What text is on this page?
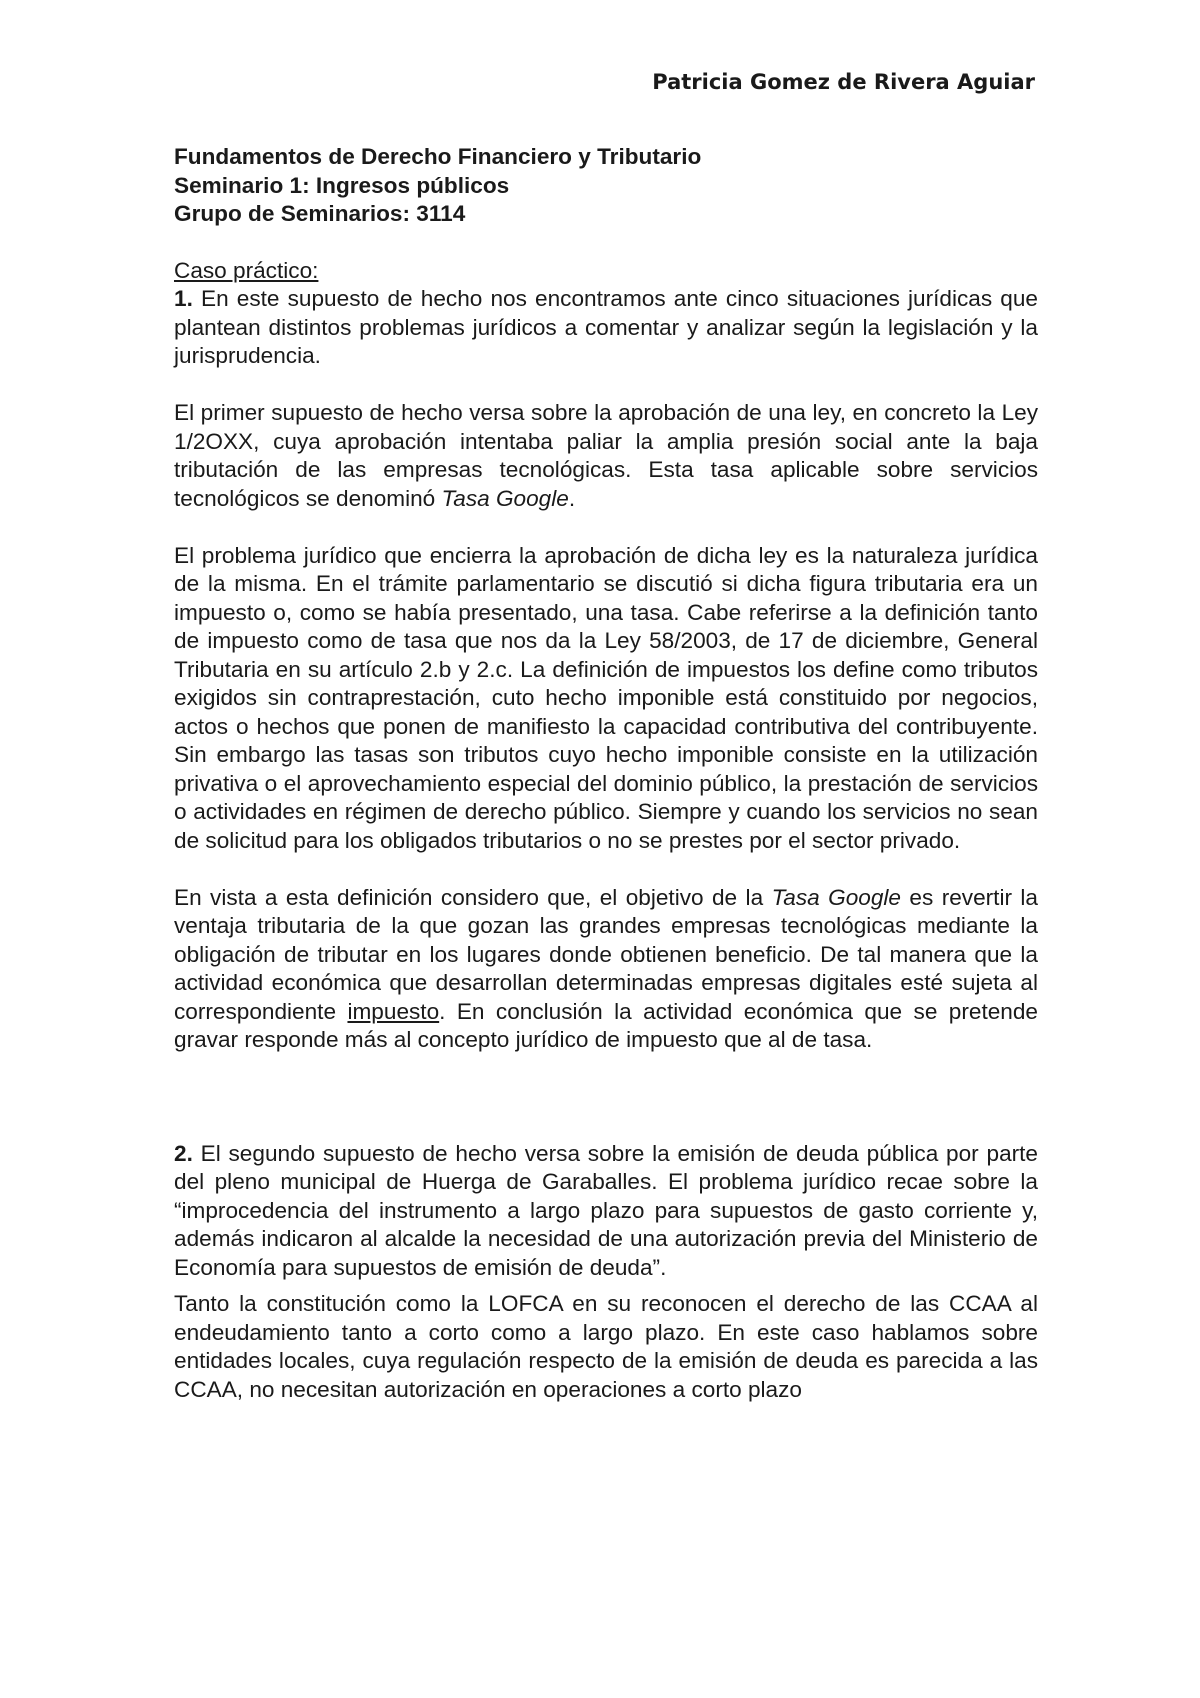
Patricia Gomez de Rivera Aguiar

Fundamentos de Derecho Financiero y Tributario

Seminario 1: Ingresos públicos

Grupo de Seminarios: 3114

Caso práctico:

1. En este supuesto de hecho nos encontramos ante cinco situaciones jurídicas que plantean distintos problemas jurídicos a comentar y analizar según la legislación y la jurisprudencia.

El primer supuesto de hecho versa sobre la aprobación de una ley, en concreto la Ley 1/2OXX, cuya aprobación intentaba paliar la amplia presión social ante la baja tributación de las empresas tecnológicas. Esta tasa aplicable sobre servicios tecnológicos se denominó Tasa Google.

El problema jurídico que encierra la aprobación de dicha ley es la naturaleza jurídica de la misma. En el trámite parlamentario se discutió si dicha figura tributaria era un impuesto o, como se había presentado, una tasa. Cabe referirse a la definición tanto de impuesto como de tasa que nos da la Ley 58/2003, de 17 de diciembre, General Tributaria en su artículo 2.b y 2.c. La definición de impuestos los define como tributos exigidos sin contraprestación, cuto hecho imponible está constituido por negocios, actos o hechos que ponen de manifiesto la capacidad contributiva del contribuyente. Sin embargo las tasas son tributos cuyo hecho imponible consiste en la utilización privativa o el aprovechamiento especial del dominio público, la prestación de servicios o actividades en régimen de derecho público. Siempre y cuando los servicios no sean de solicitud para los obligados tributarios o no se prestes por el sector privado.

En vista a esta definición considero que, el objetivo de la Tasa Google es revertir la ventaja tributaria de la que gozan las grandes empresas tecnológicas mediante la obligación de tributar en los lugares donde obtienen beneficio. De tal manera que la actividad económica que desarrollan determinadas empresas digitales esté sujeta al correspondiente impuesto. En conclusión la actividad económica que se pretende gravar responde más al concepto jurídico de impuesto que al de tasa.

2. El segundo supuesto de hecho versa sobre la emisión de deuda pública por parte del pleno municipal de Huerga de Garaballes. El problema jurídico recae sobre la “improcedencia del instrumento a largo plazo para supuestos de gasto corriente y, además indicaron al alcalde la necesidad de una autorización previa del Ministerio de Economía para supuestos de emisión de deuda”.

Tanto la constitución como la LOFCA en su reconocen el derecho de las CCAA al endeudamiento tanto a corto como a largo plazo. En este caso hablamos sobre entidades locales, cuya regulación respecto de la emisión de deuda es parecida a las CCAA, no necesitan autorización en operaciones a corto plazo
